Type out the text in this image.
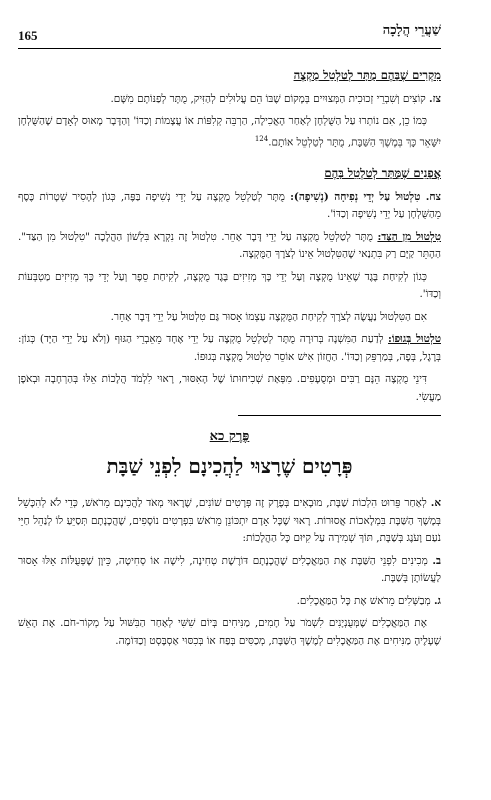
165	שַׁעֲרֵי הֲלָכָה
מִקְרִים שֶׁבָּהֶם מֻתָּר לְטַלְטֵל מֻקְצֶה

צז. קוֹצִים וְשִׁבְרֵי זְכוּכִית הַמְּצוּיִים בְּמָקוֹם שֶׁבּוֹ הֵם עֲלוּלִים לְהַזִּיק, מֻתָּר לְפַנּוֹתָם מִשָּׁם.

כְּמוֹ כֵן, אִם נוֹתְרוּ עַל הַשֻּׁלְחָן לְאַחַר הָאֲכִילָה, הַרְבֵּה קְלִפּוֹת אוֹ עֲצָמוֹת וְכַדּוֹ' וְהַדָּבָר מָאוּס לְאָדָם שֶׁהַשֻּׁלְחָן יִשָּׁאֵר כָּךְ בְּמֶשֶׁךְ הַשַּׁבָּת, מֻתָּר לְטַלְטֵל אוֹתָם.$^{124}$

אֳפָנִים שֶׁמֻּתָּר לְטַלְטֵל בָּהֶם

צח. טִלְטוּל עַל יְדֵי נְפִיחָה (נְשִׁיפָה): מֻתָּר לְטַלְטֵל מֻקְצֶה עַל יְדֵי נְשִׁיפָה בַּפֶּה, כְּגוֹן לְהָסִיר שְׁטָרוֹת כֶּסֶף מֵהַשֻּׁלְחָן עַל יְדֵי נְשִׁיפָה וְכַדּוֹ'.

טִלְטוּל מִן הַצַּד: מֻתָּר לְטַלְטֵל מֻקְצֶה עַל יְדֵי דָּבָר אַחֵר. טִלְטוּל זֶה נִקְרָא בִּלְשׁוֹן הַהֲלָכָה "טִלְטוּל מִן הַצַּד". הַהֶתֵּר קַיָּם רַק בִּתְנַאי שֶׁהַטִּלְטוּל אֵינוֹ לְצֹרֶךְ הַמֻּקְצֶה.

כְּגוֹן לְקִיחַת בֶּגֶד שֶׁאֵינוֹ מֻקְצֶה וְעַל יְדֵי כָּךְ מְזִיזִים בֶּגֶד מֻקְצֶה, לְקִיחַת סֵפֶר וְעַל יְדֵי כָּךְ מְזִיזִים מַטְבְּעוֹת וְכַדּוֹ'.

אִם הַטִּלְטוּל נַעֲשֶׂה לְצֹרֶךְ לְקִיחַת הַמֻּקְצֶה עַצְמוֹ אָסוּר גַּם טִלְטוּל עַל יְדֵי דָּבָר אַחֵר.

טִלְטוּל בְּגוּפוֹ: לְדַעַת הַמִּשְׁנָה בְּרוּרָה מֻתָּר לְטַלְטֵל מֻקְצֶה עַל יְדֵי אֶחָד מֵאֵבְרֵי הַגּוּף (וְלֹא עַל יְדֵי הַיָּד) כְּגוֹן: בְּרֶגֶל, בְּפֶה, בְּמַרְפֵּק וְכַדּוֹ'. הַחֲזוֹן אִישׁ אוֹסֵר טִלְטוּל מֻקְצֶה בְּגוּפוֹ.

דִּינֵי מֻקְצֶה הֵנָּם רַבִּים וּמְסֻעָפִים. מִפְּאַת שְׁכִיחוּתוֹ שֶׁל הָאִסּוּר, רָאוּי לִלְמֹד הֲלָכוֹת אֵלּוּ בְּהַרְחָבָה וּבְאֹפֶן מַעֲשִׂי.

פֶּרֶק כא
פְּרָטִים שֶׁרָצוּי לַהֲכִינָם לִפְנֵי שַׁבָּת

א. לְאַחַר פֵּרוּט הִלְכוֹת שַׁבָּת, מוּבָאִים בְּפֶרֶק זֶה פְּרָטִים שׁוֹנִים, שֶׁרָאוּי מְאֹד לַהֲכִינָם מֵרֹאשׁ, כְּדֵי לֹא לְהִכָּשֵׁל בְּמֶשֶׁךְ הַשַּׁבָּת בִּמְלָאכוֹת אֲסוּרוֹת. רָאוּי שֶׁכָּל אָדָם יִתְכּוֹנֵן מֵרֹאשׁ בִּפְרָטִים נוֹסָפִים, שֶׁהֲכָנָתָם תְּסַיֵּעַ לוֹ לְנַהֵל חַיֵּי נֹעַם וָעֹנֶג בְּשַׁבָּת, תּוֹךְ שְׁמִירָה עַל קִיּוּם כָּל הַהֲלָכוֹת:

ב. מְכִינִים לִפְנֵי הַשַּׁבָּת אֶת הַמַּאֲכָלִים שֶׁהֲכָנָתָם דּוֹרֶשֶׁת טְחִינָה, לִישָׁה אוֹ סְחִיטָה, כֵּיוָן שֶׁפְּעֻלּוֹת אֵלּוּ אָסוּר לַעֲשׂוֹתָן בְּשַׁבָּת.

ג. מְבַשְּׁלִים מֵרֹאשׁ אֶת כָּל הַמַּאֲכָלִים.

אֶת הַמַּאֲכָלִים שֶׁמְּעֻנְיָנִים לִשְׁמֹר עַל חָמִים, מַנִּיחִים בְּיוֹם שִׁשִּׁי לְאַחַר הַבִּשּׁוּל עַל מְקוֹר-חֹם. אֶת הָאֵשׁ שֶׁעָלֶיהָ מַנִּיחִים אֶת הַמַּאֲכָלִים לְמֶשֶׁךְ הַשַּׁבָּת, מְכַסִּים בְּפַח אוֹ בְּכִסּוּי אַסְבֶּסְט וְכַדּוֹמֶה.
